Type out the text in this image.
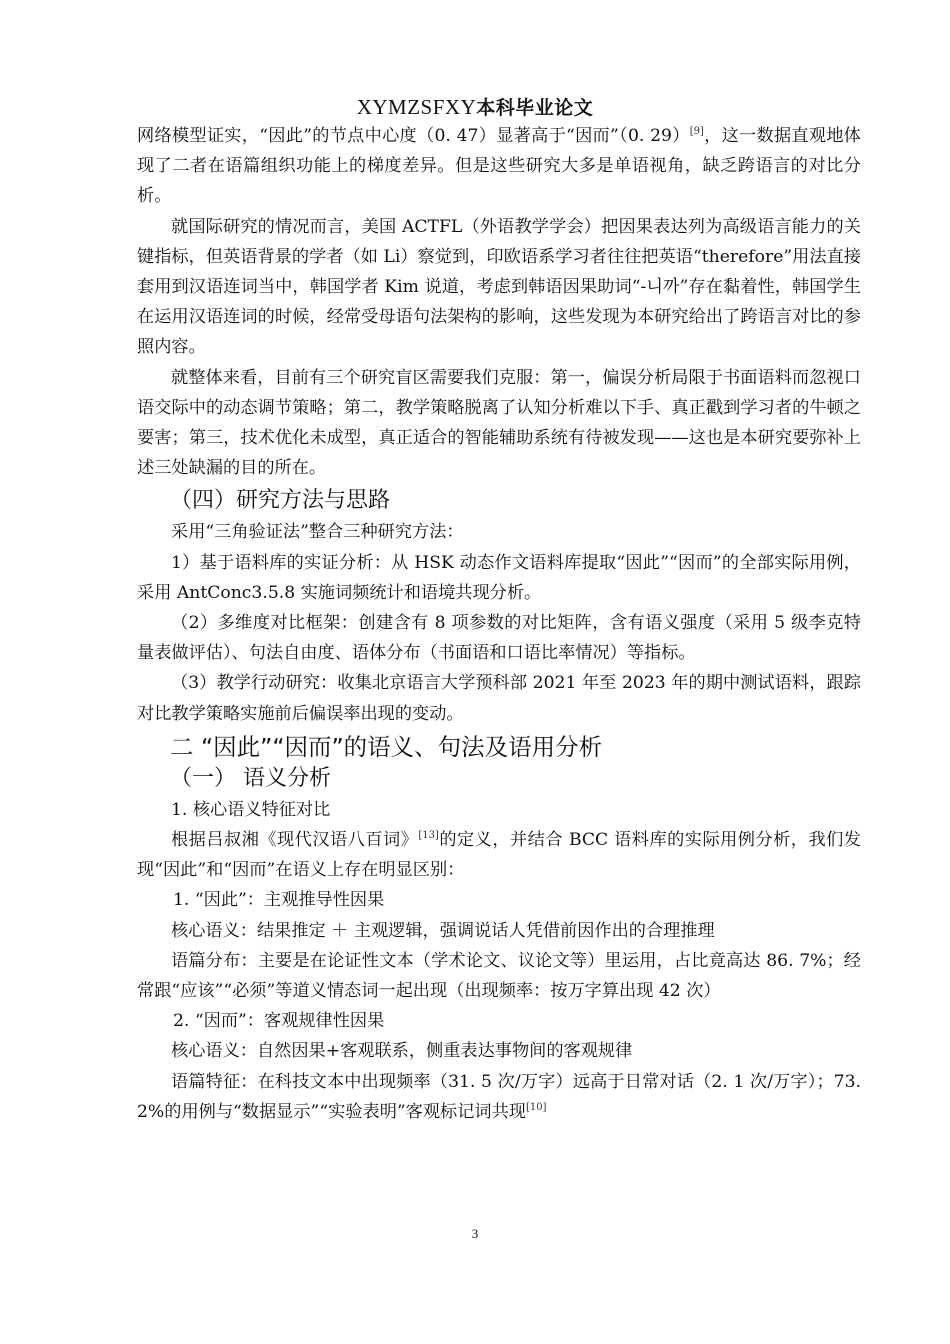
XYMZSFXY本科毕业论文

网络模型证实，“因此”的节点中心度（0. 47）显著高于“因而”（0. 29）[9]，这一数据直观地体现了二者在语篇组织功能上的梯度差异。但是这些研究大多是单语视角，缺乏跨语言的对比分析。

就国际研究的情况而言，美国 ACTFL（外语教学学会）把因果表达列为高级语言能力的关键指标，但英语背景的学者（如 Li）察觉到，印欧语系学习者往往把英语“therefore”用法直接套用到汉语连词当中，韩国学者 Kim 说道，考虑到韩语因果助词“-니까”存在黏着性，韩国学生在运用汉语连词的时候，经常受母语句法架构的影响，这些发现为本研究给出了跨语言对比的参照内容。

就整体来看，目前有三个研究盲区需要我们克服：第一，偏误分析局限于书面语料而忽视口语交际中的动态调节策略；第二，教学策略脱离了认知分析难以下手、真正戳到学习者的牛顿之要害；第三，技术优化未成型，真正适合的智能辅助系统有待被发现——这也是本研究要弥补上述三处缺漏的目的所在。

（四）研究方法与思路

采用“三角验证法”整合三种研究方法：

1）基于语料库的实证分析：从 HSK 动态作文语料库提取“因此”“因而”的全部实际用例，采用 AntConc3.5.8 实施词频统计和语境共现分析。

（2）多维度对比框架：创建含有 8 项参数的对比矩阵，含有语义强度（采用 5 级李克特量表做评估）、句法自由度、语体分布（书面语和口语比率情况）等指标。

（3）教学行动研究：收集北京语言大学预科部 2021 年至 2023 年的期中测试语料，跟踪对比教学策略实施前后偏误率出现的变动。

二 “因此”“因而”的语义、句法及语用分析
（一） 语义分析

1. 核心语义特征对比

根据吕叔湘《现代汉语八百词》[13]的定义，并结合 BCC 语料库的实际用例分析，我们发现“因此”和“因而”在语义上存在明显区别：

1. “因此”：主观推导性因果

核心语义：结果推定 ＋ 主观逻辑，强调说话人凭借前因作出的合理推理

语篇分布：主要是在论证性文本（学术论文、议论文等）里运用，占比竟高达 86. 7%；经常跟“应该”“必须”等道义情态词一起出现（出现频率：按万字算出现 42 次）

2. “因而”：客观规律性因果

核心语义：自然因果+客观联系，侧重表达事物间的客观规律

语篇特征：在科技文本中出现频率（31. 5 次/万字）远高于日常对话（2. 1 次/万字）；73. 2%的用例与“数据显示”“实验表明”客观标记词共现[10]

3
